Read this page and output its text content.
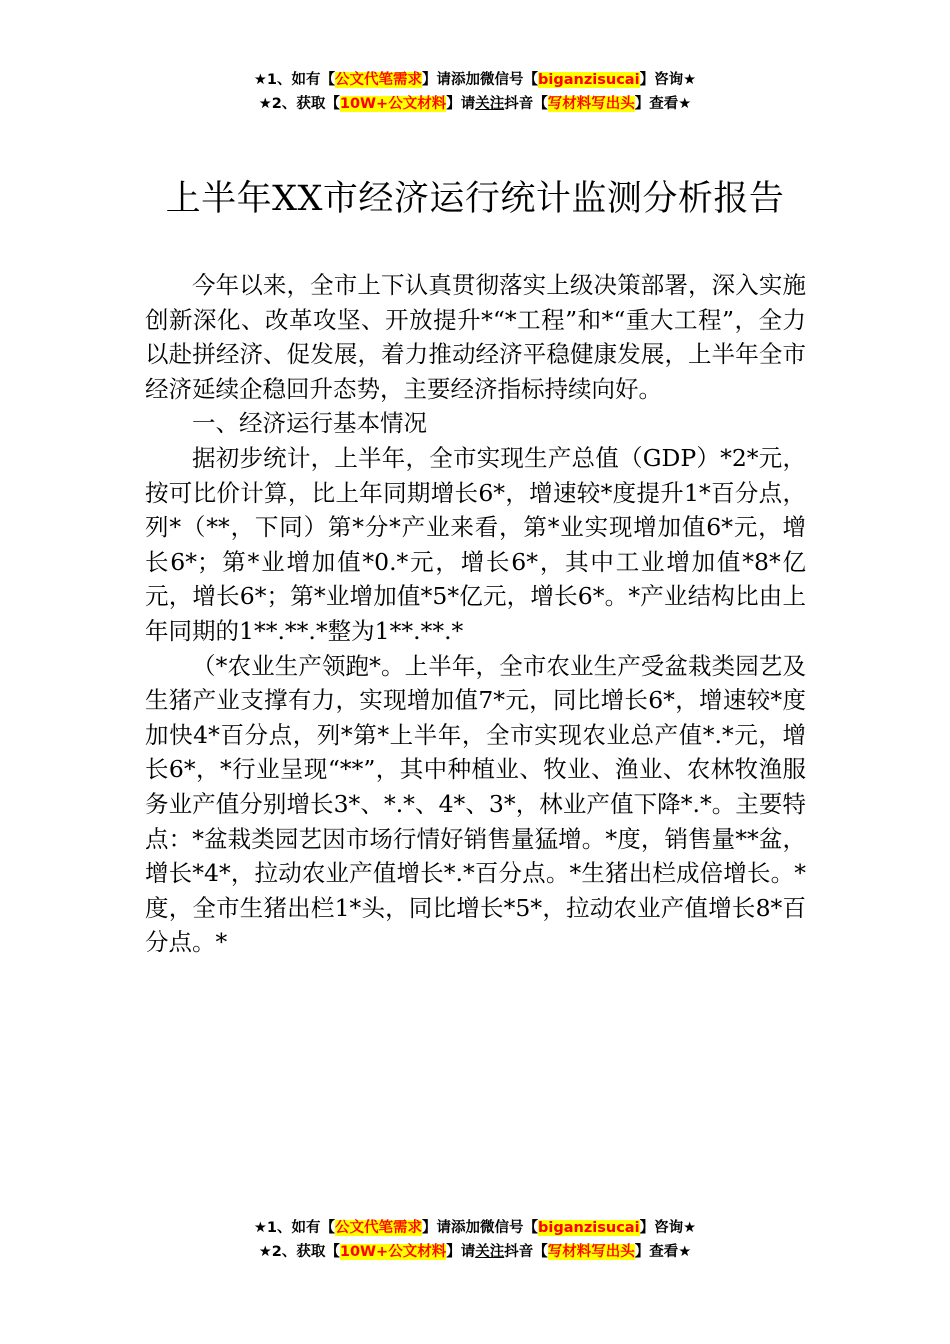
★1、如有【公文代笔需求】请添加微信号【biganzisucai】咨询★
★2、获取【10W+公文材料】请关注抖音【写材料写出头】查看★
上半年XX市经济运行统计监测分析报告

今年以来，全市上下认真贯彻落实上级决策部署，深入实施创新深化、改革攻坚、开放提升*“*工程”和*“重大工程”，全力以赴拼经济、促发展，着力推动经济平稳健康发展，上半年全市经济延续企稳回升态势，主要经济指标持续向好。

一、经济运行基本情况

据初步统计，上半年，全市实现生产总值（GDP）*2*元，按可比价计算，比上年同期增长6*，增速较*度提升1*百分点，列*（**，下同）第*分*产业来看，第*业实现增加值6*元，增长6*；第*业增加值*0.*元，增长6*，其中工业增加值*8*亿元，增长6*；第*业增加值*5*亿元，增长6*。*产业结构比由上年同期的1**.**.*整为1**.**.*

（*农业生产领跑*。上半年，全市农业生产受盆栽类园艺及生猪产业支撑有力，实现增加值7*元，同比增长6*，增速较*度加快4*百分点，列*第*上半年，全市实现农业总产值*.*元，增长6*，*行业呈现“**”，其中种植业、牧业、渔业、农林牧渔服务业产值分别增长3*、*.*、4*、3*，林业产值下降*.*。主要特点：*盆栽类园艺因市场行情好销售量猛增。*度，销售量**盆，增长*4*，拉动农业产值增长*.*百分点。*生猪出栏成倍增长。*度，全市生猪出栏1*头，同比增长*5*，拉动农业产值增长8*百分点。*

★1、如有【公文代笔需求】请添加微信号【biganzisucai】咨询★
★2、获取【10W+公文材料】请关注抖音【写材料写出头】查看★
